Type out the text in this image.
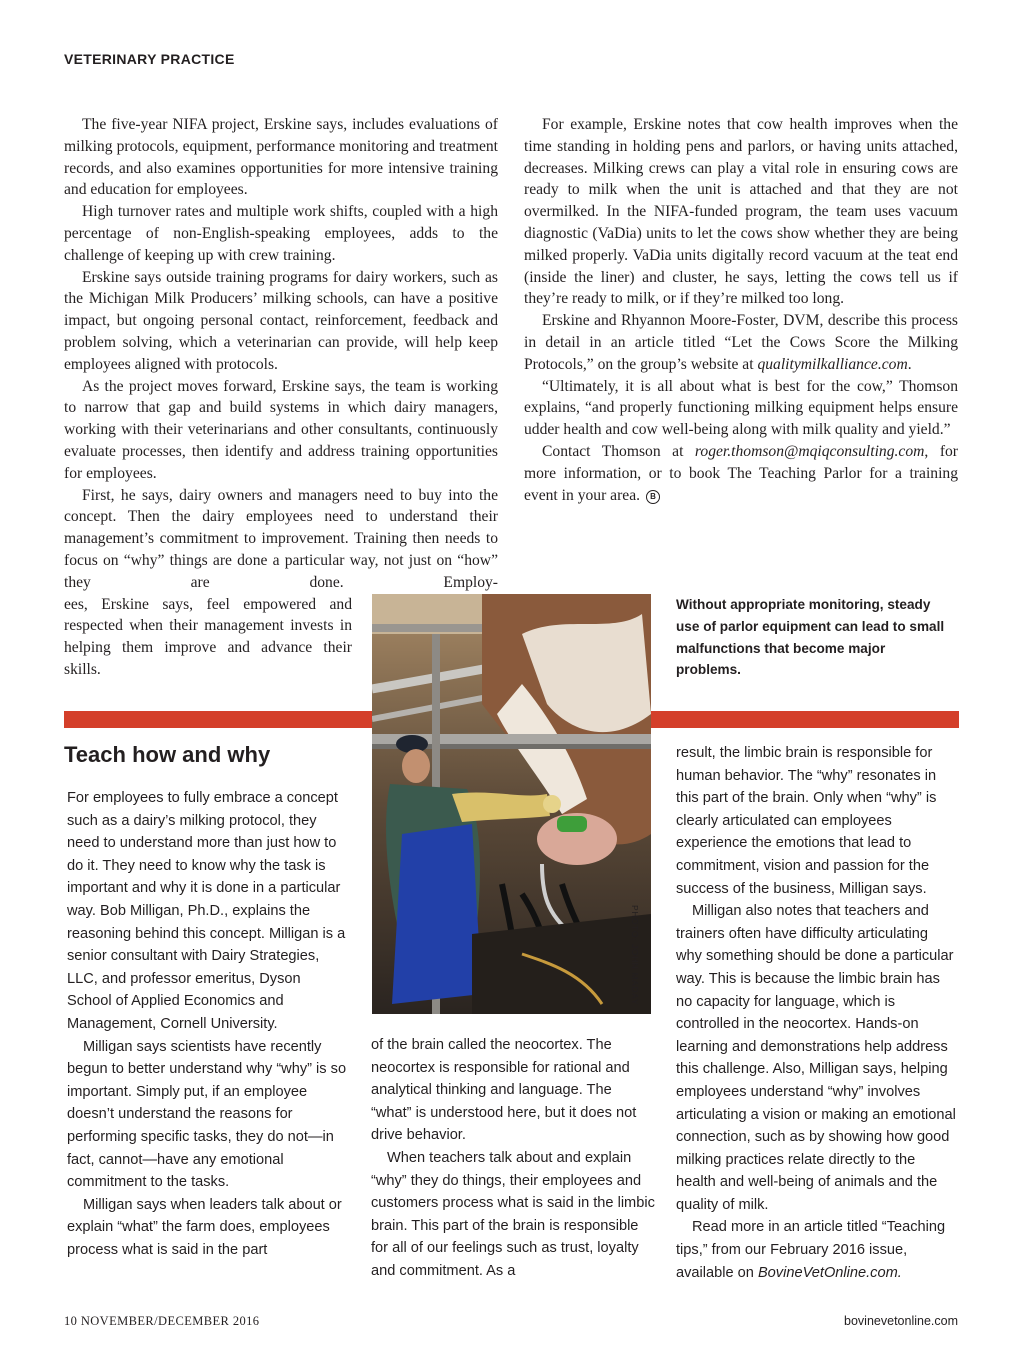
VETERINARY PRACTICE

The five-year NIFA project, Erskine says, includes evaluations of milking protocols, equipment, performance monitoring and treatment records, and also examines opportunities for more intensive training and education for employees.

High turnover rates and multiple work shifts, coupled with a high percentage of non-English-speaking employees, adds to the challenge of keeping up with crew training.

Erskine says outside training programs for dairy workers, such as the Michigan Milk Producers’ milking schools, can have a positive impact, but ongoing personal contact, reinforcement, feedback and problem solving, which a veterinarian can provide, will help keep employees aligned with protocols.

As the project moves forward, Erskine says, the team is working to narrow that gap and build systems in which dairy managers, working with their veterinarians and other consultants, continuously evaluate processes, then identify and address training opportunities for employees.

First, he says, dairy owners and managers need to buy into the concept. Then the dairy employees need to understand their management’s commitment to improvement. Training then needs to focus on “why” things are done a particular way, not just on “how” they are done. Employ-

ees, Erskine says, feel empowered and respected when their management invests in helping them improve and advance their skills.

For example, Erskine notes that cow health improves when the time standing in holding pens and parlors, or having units attached, decreases. Milking crews can play a vital role in ensuring cows are ready to milk when the unit is attached and that they are not overmilked. In the NIFA-funded program, the team uses vacuum diagnostic (VaDia) units to let the cows show whether they are being milked properly. VaDia units digitally record vacuum at the teat end (inside the liner) and cluster, he says, letting the cows tell us if they’re ready to milk, or if they’re milked too long.

Erskine and Rhyannon Moore-Foster, DVM, describe this process in detail in an article titled “Let the Cows Score the Milking Protocols,” on the group’s website at qualitymilkalliance.com.

“Ultimately, it is all about what is best for the cow,” Thomson explains, “and properly functioning milking equipment helps ensure udder health and cow well-being along with milk quality and yield.”

Contact Thomson at roger.thomson@mqiqconsulting.com, for more information, or to book The Teaching Parlor for a training event in your area. B

Without appropriate monitoring, steady use of parlor equipment can lead to small malfunctions that become major problems.
PHOTO: JOHN MADAY
Teach how and why

For employees to fully embrace a concept such as a dairy’s milking protocol, they need to understand more than just how to do it. They need to know why the task is important and why it is done in a particular way. Bob Milligan, Ph.D., explains the reasoning behind this concept. Milligan is a senior consultant with Dairy Strategies, LLC, and professor emeritus, Dyson School of Applied Economics and Management, Cornell University.

Milligan says scientists have recently begun to better understand why “why” is so important. Simply put, if an employee doesn’t understand the reasons for performing specific tasks, they do not—in fact, cannot—have any emotional commitment to the tasks.

Milligan says when leaders talk about or explain “what” the farm does, employees process what is said in the part

of the brain called the neocortex. The neocortex is responsible for rational and analytical thinking and language. The “what” is understood here, but it does not drive behavior.

When teachers talk about and explain “why” they do things, their employees and customers process what is said in the limbic brain. This part of the brain is responsible for all of our feelings such as trust, loyalty and commitment. As a

result, the limbic brain is responsible for human behavior. The “why” resonates in this part of the brain. Only when “why” is clearly articulated can employees experience the emotions that lead to commitment, vision and passion for the success of the business, Milligan says.

Milligan also notes that teachers and trainers often have difficulty articulating why something should be done a particular way. This is because the limbic brain has no capacity for language, which is controlled in the neocortex. Hands-on learning and demonstrations help address this challenge. Also, Milligan says, helping employees understand “why” involves articulating a vision or making an emotional connection, such as by showing how good milking practices relate directly to the health and well-being of animals and the quality of milk.

Read more in an article titled “Teaching tips,” from our February 2016 issue, available on BovineVetOnline.com.

10 NOVEMBER/DECEMBER 2016	bovinevetonline.com
